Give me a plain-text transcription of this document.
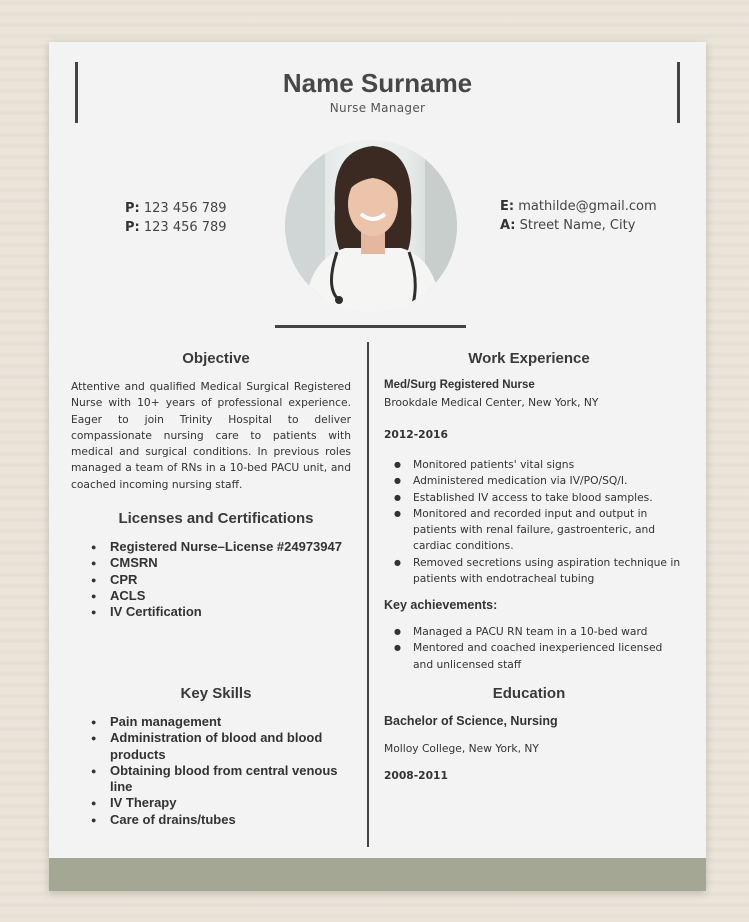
Name Surname
Nurse Manager
P: 123 456 789
P: 123 456 789
E: mathilde@gmail.com
A: Street Name, City
Objective
Attentive and qualified Medical Surgical Registered Nurse with 10+ years of professional experience. Eager to join Trinity Hospital to deliver compassionate nursing care to patients with medical and surgical conditions. In previous roles managed a team of RNs in a 10-bed PACU unit, and coached incoming nursing staff.
Licenses and Certifications
● Registered Nurse–License #24973947
● CMSRN
● CPR
● ACLS
● IV Certification
Key Skills
● Pain management
● Administration of blood and blood products
● Obtaining blood from central venous line
● IV Therapy
● Care of drains/tubes
Work Experience
Med/Surg Registered Nurse
Brookdale Medical Center, New York, NY
2012-2016
● Monitored patients' vital signs
● Administered medication via IV/PO/SQ/I.
● Established IV access to take blood samples.
● Monitored and recorded input and output in patients with renal failure, gastroenteric, and cardiac conditions.
● Removed secretions using aspiration technique in patients with endotracheal tubing
Key achievements:
● Managed a PACU RN team in a 10-bed ward
● Mentored and coached inexperienced licensed and unlicensed staff
Education
Bachelor of Science, Nursing
Molloy College, New York, NY
2008-2011
